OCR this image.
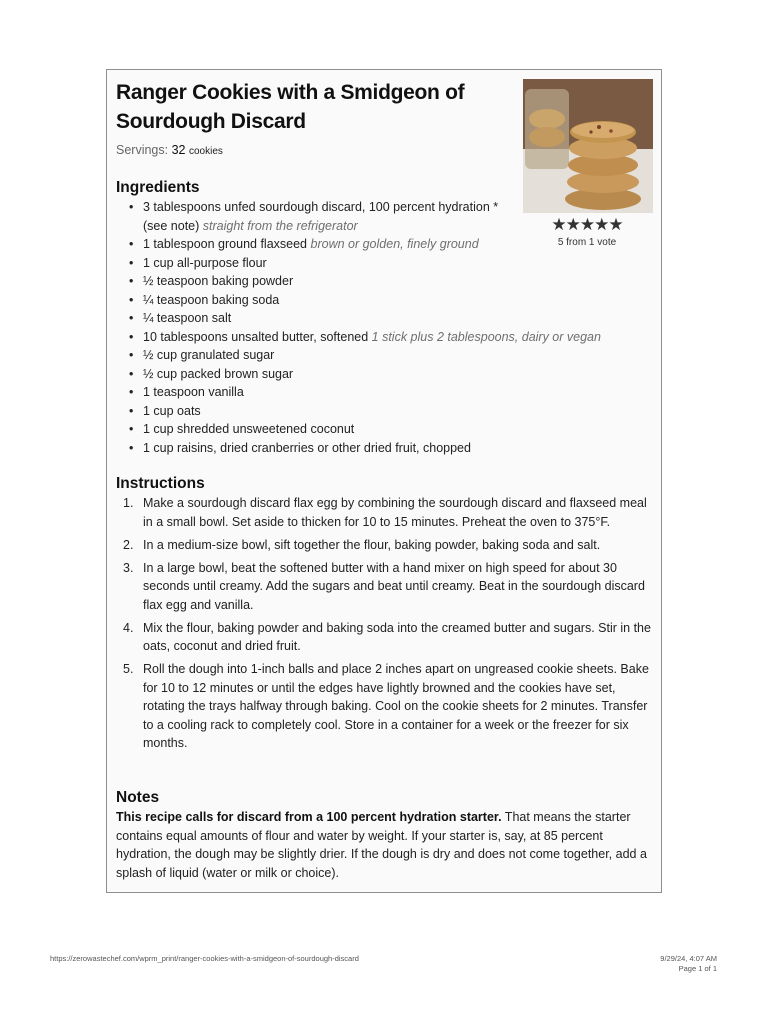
Ranger Cookies with a Smidgeon of Sourdough Discard
Servings: 32 cookies
★★★★★
5 from 1 vote
Ingredients
• 3 tablespoons unfed sourdough discard, 100 percent hydration * (see note) straight from the refrigerator
• 1 tablespoon ground flaxseed brown or golden, finely ground
• 1 cup all-purpose flour
• ½ teaspoon baking powder
• ¼ teaspoon baking soda
• ¼ teaspoon salt
• 10 tablespoons unsalted butter, softened 1 stick plus 2 tablespoons, dairy or vegan
• ½ cup granulated sugar
• ½ cup packed brown sugar
• 1 teaspoon vanilla
• 1 cup oats
• 1 cup shredded unsweetened coconut
• 1 cup raisins, dried cranberries or other dried fruit, chopped
Instructions
1. Make a sourdough discard flax egg by combining the sourdough discard and flaxseed meal in a small bowl. Set aside to thicken for 10 to 15 minutes. Preheat the oven to 375°F.
2. In a medium-size bowl, sift together the flour, baking powder, baking soda and salt.
3. In a large bowl, beat the softened butter with a hand mixer on high speed for about 30 seconds until creamy. Add the sugars and beat until creamy. Beat in the sourdough discard flax egg and vanilla.
4. Mix the flour, baking powder and baking soda into the creamed butter and sugars. Stir in the oats, coconut and dried fruit.
5. Roll the dough into 1-inch balls and place 2 inches apart on ungreased cookie sheets. Bake for 10 to 12 minutes or until the edges have lightly browned and the cookies have set, rotating the trays halfway through baking. Cool on the cookie sheets for 2 minutes. Transfer to a cooling rack to completely cool. Store in a container for a week or the freezer for six months.
Notes
This recipe calls for discard from a 100 percent hydration starter. That means the starter contains equal amounts of flour and water by weight. If your starter is, say, at 85 percent hydration, the dough may be slightly drier. If the dough is dry and does not come together, add a splash of liquid (water or milk or choice).
https://zerowastechef.com/wprm_print/ranger-cookies-with-a-smidgeon-of-sourdough-discard	9/29/24, 4:07 AM
Page 1 of 1
